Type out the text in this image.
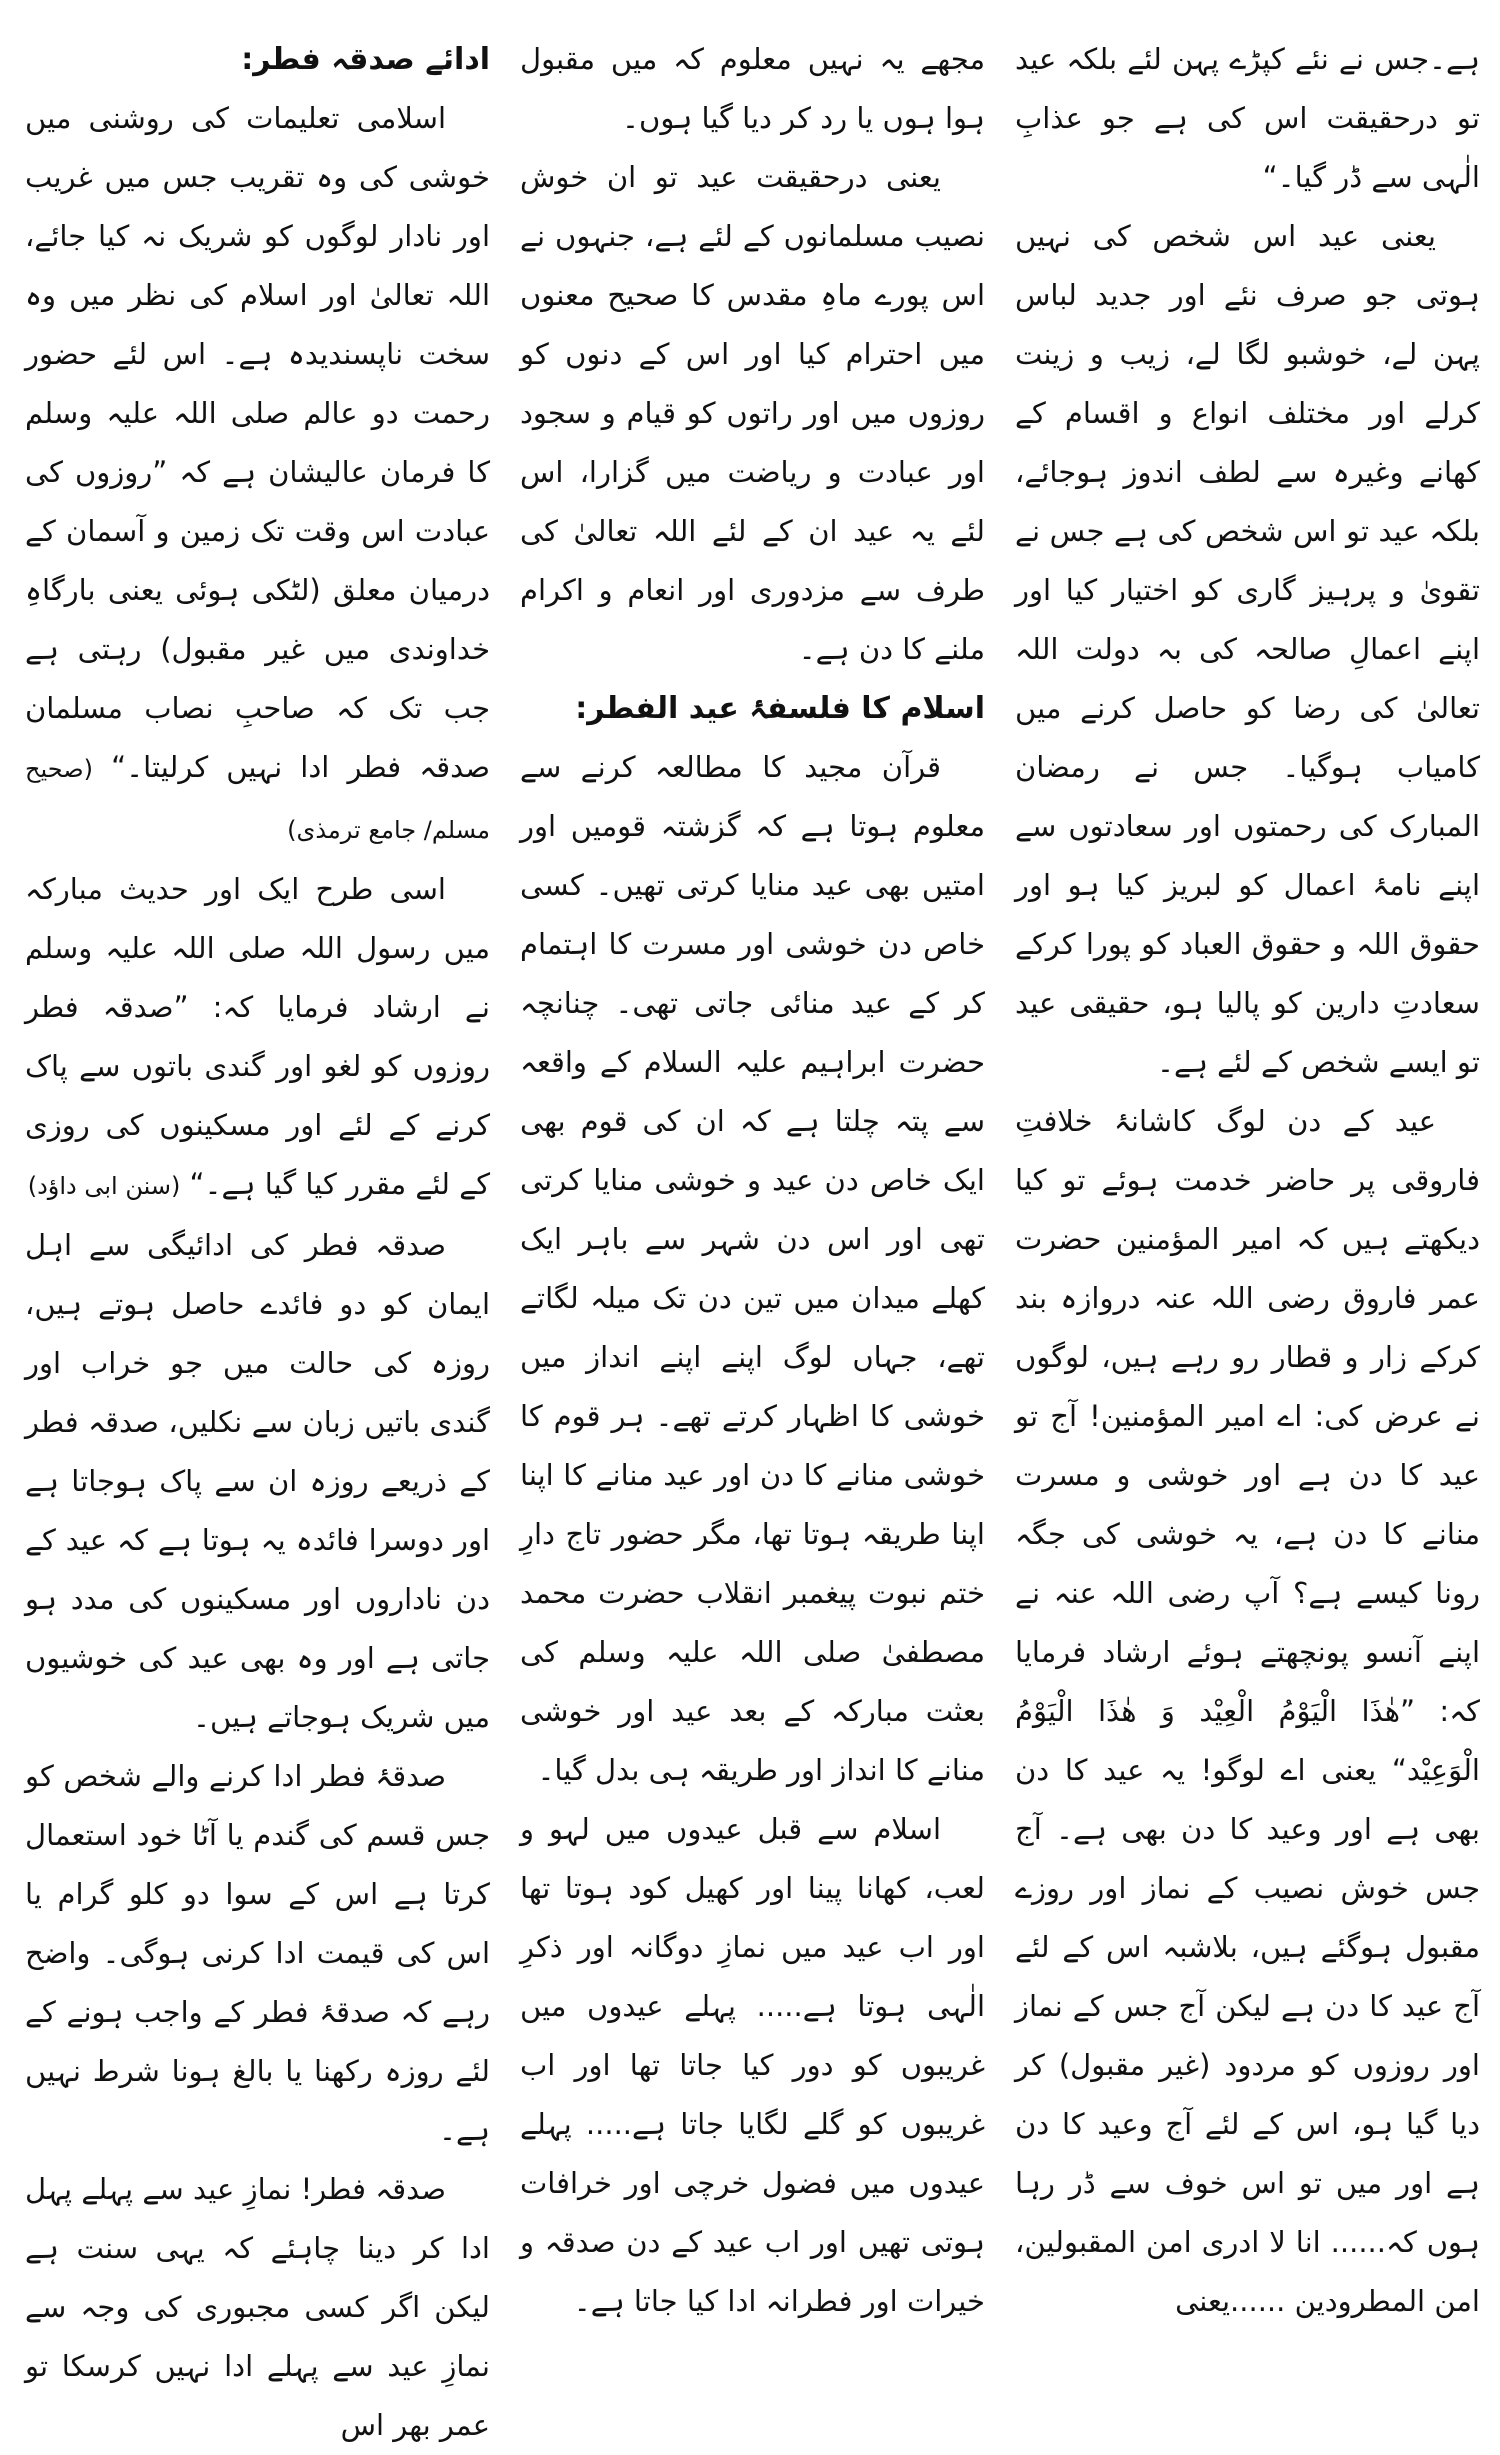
ہے۔جس نے نئے کپڑے پہن لئے بلکہ عید تو درحقیقت اس کی ہے جو عذابِ الٰہی سے ڈر گیا۔“

یعنی عید اس شخص کی نہیں ہوتی جو صرف نئے اور جدید لباس پہن لے، خوشبو لگا لے، زیب و زینت کرلے اور مختلف انواع و اقسام کے کھانے وغیرہ سے لطف اندوز ہوجائے، بلکہ عید تو اس شخص کی ہے جس نے تقویٰ و پرہیز گاری کو اختیار کیا اور اپنے اعمالِ صالحہ کی بہ دولت اللہ تعالیٰ کی رضا کو حاصل کرنے میں کامیاب ہوگیا۔ جس نے رمضان المبارک کی رحمتوں اور سعادتوں سے اپنے نامۂ اعمال کو لبریز کیا ہو اور حقوق اللہ و حقوق العباد کو پورا کرکے سعادتِ دارین کو پالیا ہو، حقیقی عید تو ایسے شخص کے لئے ہے۔

عید کے دن لوگ کاشانۂ خلافتِ فاروقی پر حاضر خدمت ہوئے تو کیا دیکھتے ہیں کہ امیر المؤمنین حضرت عمر فاروق رضی اللہ عنہ دروازہ بند کرکے زار و قطار رو رہے ہیں، لوگوں نے عرض کی: اے امیر المؤمنین! آج تو عید کا دن ہے اور خوشی و مسرت منانے کا دن ہے، یہ خوشی کی جگہ رونا کیسے ہے؟ آپ رضی اللہ عنہ نے اپنے آنسو پونچھتے ہوئے ارشاد فرمایا کہ: ”ھٰذَا الْیَوْمُ الْعِیْد وَ ھٰذَا الْیَوْمُ الْوَعِیْد“ یعنی اے لوگو! یہ عید کا دن بھی ہے اور وعید کا دن بھی ہے۔ آج جس خوش نصیب کے نماز اور روزے مقبول ہوگئے ہیں، بلاشبہ اس کے لئے آج عید کا دن ہے لیکن آج جس کے نماز اور روزوں کو مردود (غیر مقبول) کر دیا گیا ہو، اس کے لئے آج وعید کا دن ہے اور میں تو اس خوف سے ڈر رہا ہوں کہ...... انا لا ادری امن المقبولین، امن المطرودین ......یعنی

مجھے یہ نہیں معلوم کہ میں مقبول ہوا ہوں یا رد کر دیا گیا ہوں۔

یعنی درحقیقت عید تو ان خوش نصیب مسلمانوں کے لئے ہے، جنہوں نے اس پورے ماہِ مقدس کا صحیح معنوں میں احترام کیا اور اس کے دنوں کو روزوں میں اور راتوں کو قیام و سجود اور عبادت و ریاضت میں گزارا، اس لئے یہ عید ان کے لئے اللہ تعالیٰ کی طرف سے مزدوری اور انعام و اکرام ملنے کا دن ہے۔

اسلام کا فلسفۂ عید الفطر:

قرآن مجید کا مطالعہ کرنے سے معلوم ہوتا ہے کہ گزشتہ قومیں اور امتیں بھی عید منایا کرتی تھیں۔ کسی خاص دن خوشی اور مسرت کا اہتمام کر کے عید منائی جاتی تھی۔ چنانچہ حضرت ابراہیم علیہ السلام کے واقعہ سے پتہ چلتا ہے کہ ان کی قوم بھی ایک خاص دن عید و خوشی منایا کرتی تھی اور اس دن شہر سے باہر ایک کھلے میدان میں تین دن تک میلہ لگاتے تھے، جہاں لوگ اپنے اپنے انداز میں خوشی کا اظہار کرتے تھے۔ ہر قوم کا خوشی منانے کا دن اور عید منانے کا اپنا اپنا طریقہ ہوتا تھا، مگر حضور تاج دارِ ختم نبوت پیغمبر انقلاب حضرت محمد مصطفیٰ صلی اللہ علیہ وسلم کی بعثت مبارکہ کے بعد عید اور خوشی منانے کا انداز اور طریقہ ہی بدل گیا۔

اسلام سے قبل عیدوں میں لہو و لعب، کھانا پینا اور کھیل کود ہوتا تھا اور اب عید میں نمازِ دوگانہ اور ذکرِ الٰہی ہوتا ہے..... پہلے عیدوں میں غریبوں کو دور کیا جاتا تھا اور اب غریبوں کو گلے لگایا جاتا ہے..... پہلے عیدوں میں فضول خرچی اور خرافات ہوتی تھیں اور اب عید کے دن صدقہ و خیرات اور فطرانہ ادا کیا جاتا ہے۔

ادائے صدقہ فطر:

اسلامی تعلیمات کی روشنی میں خوشی کی وہ تقریب جس میں غریب اور نادار لوگوں کو شریک نہ کیا جائے، اللہ تعالیٰ اور اسلام کی نظر میں وہ سخت ناپسندیدہ ہے۔ اس لئے حضور رحمت دو عالم صلی اللہ علیہ وسلم کا فرمان عالیشان ہے کہ ”روزوں کی عبادت اس وقت تک زمین و آسمان کے درمیان معلق (لٹکی ہوئی یعنی بارگاہِ خداوندی میں غیر مقبول) رہتی ہے جب تک کہ صاحبِ نصاب مسلمان صدقہ فطر ادا نہیں کرلیتا۔“ (صحیح مسلم/ جامع ترمذی)

اسی طرح ایک اور حدیث مبارکہ میں رسول اللہ صلی اللہ علیہ وسلم نے ارشاد فرمایا کہ: ”صدقہ فطر روزوں کو لغو اور گندی باتوں سے پاک کرنے کے لئے اور مسکینوں کی روزی کے لئے مقرر کیا گیا ہے۔“ (سنن ابی داؤد)

صدقہ فطر کی ادائیگی سے اہل ایمان کو دو فائدے حاصل ہوتے ہیں، روزہ کی حالت میں جو خراب اور گندی باتیں زبان سے نکلیں، صدقہ فطر کے ذریعے روزہ ان سے پاک ہوجاتا ہے اور دوسرا فائدہ یہ ہوتا ہے کہ عید کے دن ناداروں اور مسکینوں کی مدد ہو جاتی ہے اور وہ بھی عید کی خوشیوں میں شریک ہوجاتے ہیں۔

صدقۂ فطر ادا کرنے والے شخص کو جس قسم کی گندم یا آٹا خود استعمال کرتا ہے اس کے سوا دو کلو گرام یا اس کی قیمت ادا کرنی ہوگی۔ واضح رہے کہ صدقۂ فطر کے واجب ہونے کے لئے روزہ رکھنا یا بالغ ہونا شرط نہیں ہے۔

صدقہ فطر! نمازِ عید سے پہلے پہل ادا کر دینا چاہئے کہ یہی سنت ہے لیکن اگر کسی مجبوری کی وجہ سے نمازِ عید سے پہلے ادا نہیں کرسکا تو عمر بھر اس
